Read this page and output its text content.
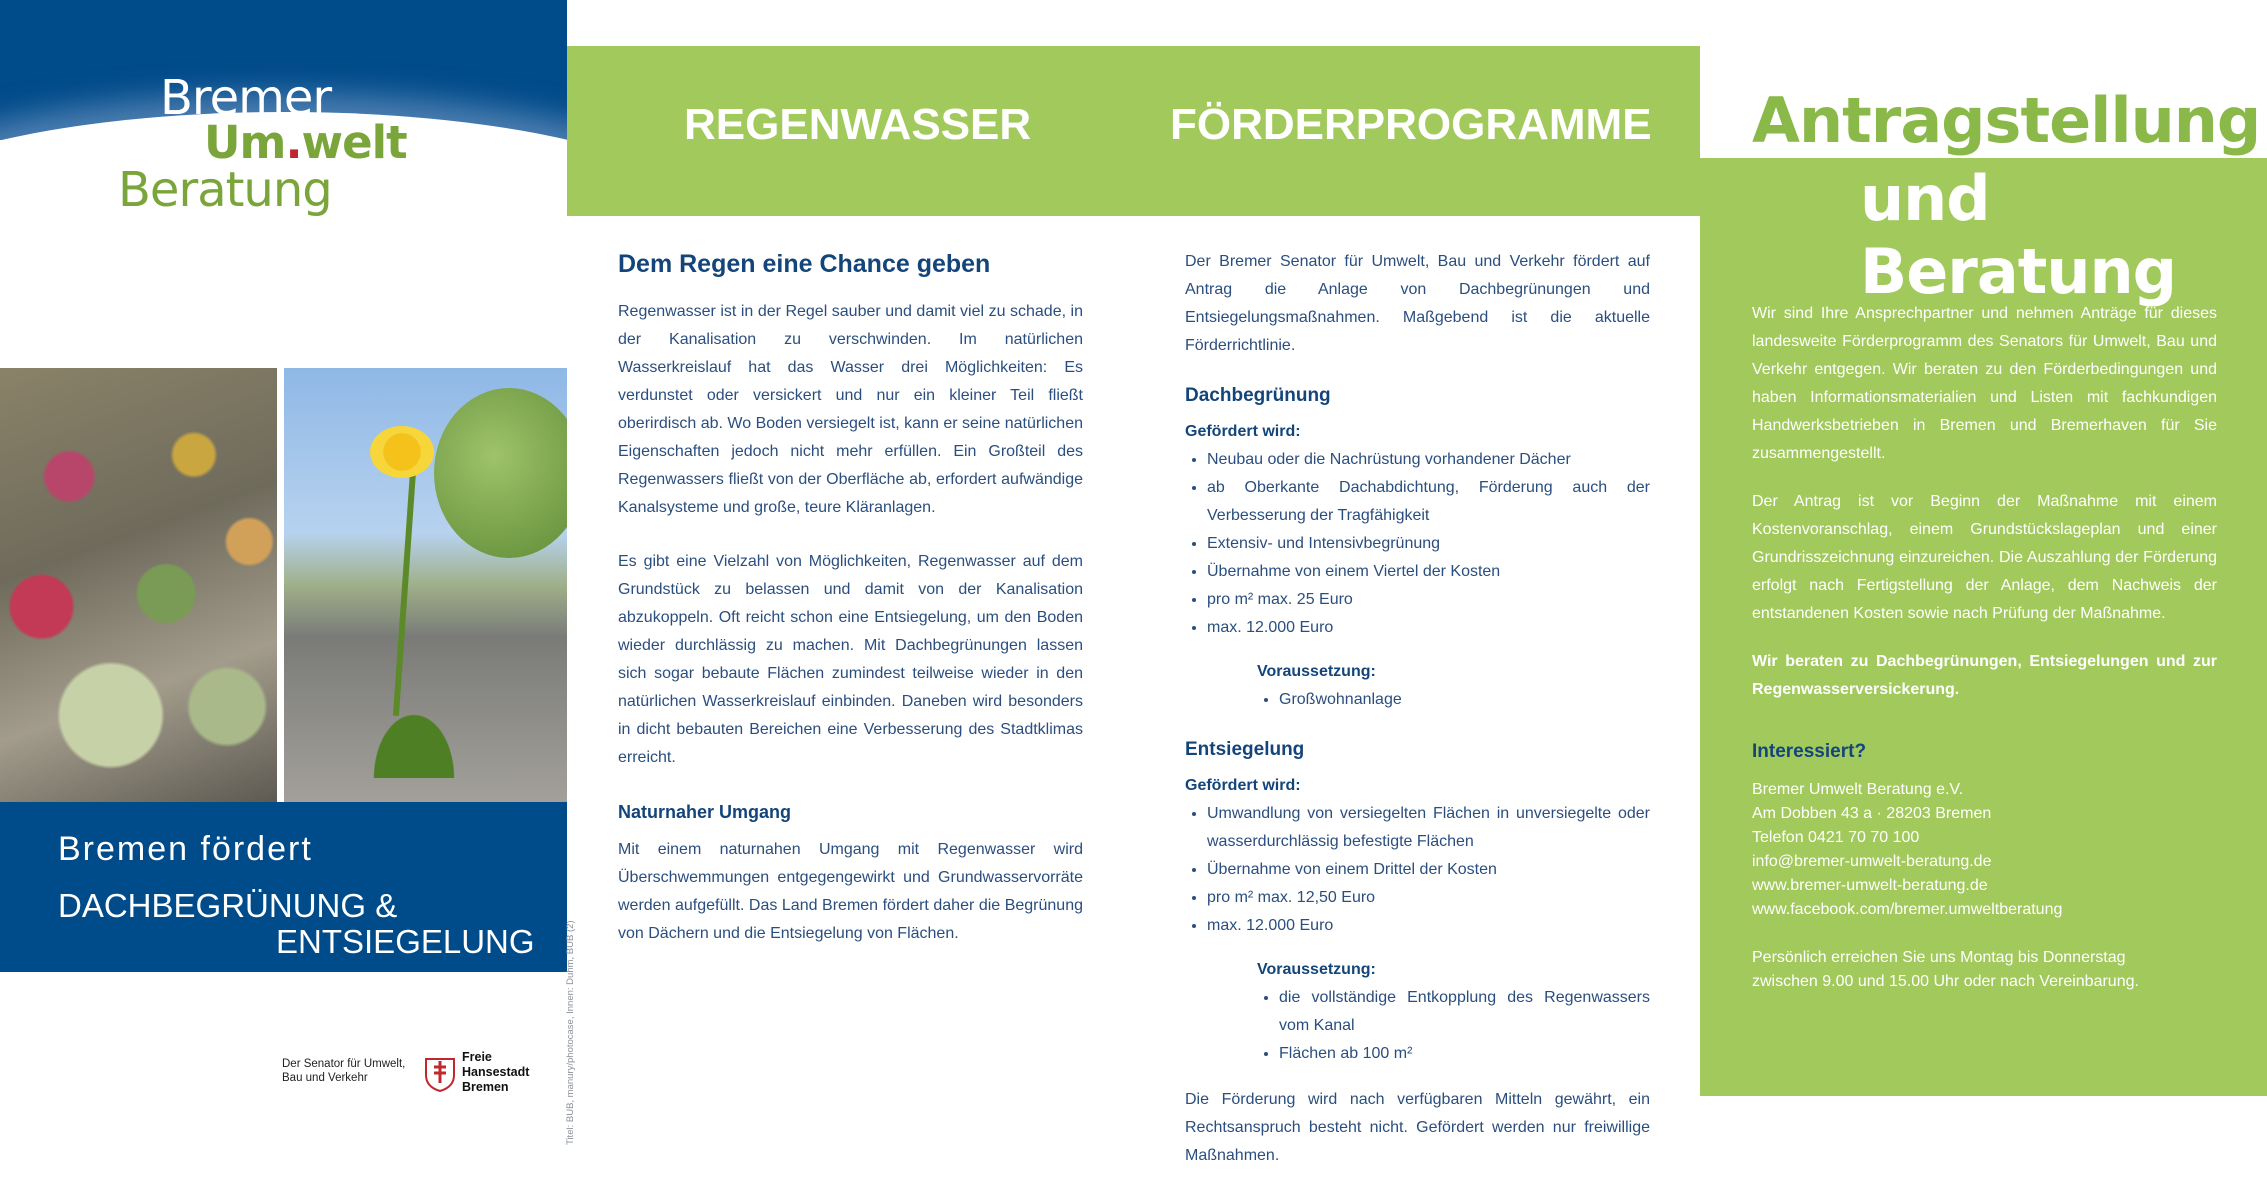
Bremer
Um.welt
Beratung
Bremen fördert
DACHBEGRÜNUNG &
ENTSIEGELUNG
Der Senator für Umwelt,
Bau und Verkehr
Freie
Hansestadt
Bremen	Titel: BUB, manury/photocase, Innen: Duhm, BUB (2)
REGENWASSER	FÖRDERPROGRAMME
Dem Regen eine Chance geben

Regenwasser ist in der Regel sauber und damit viel zu schade, in der Kanalisation zu verschwinden. Im natürlichen Wasserkreislauf hat das Wasser drei Möglichkeiten: Es verdunstet oder versickert und nur ein kleiner Teil fließt oberirdisch ab. Wo Boden versiegelt ist, kann er seine natürlichen Eigenschaften jedoch nicht mehr erfüllen. Ein Großteil des Regenwassers fließt von der Oberfläche ab, erfordert aufwändige Kanalsysteme und große, teure Kläranlagen.

Es gibt eine Vielzahl von Möglichkeiten, Regenwasser auf dem Grundstück zu belassen und damit von der Kanalisation abzukoppeln. Oft reicht schon eine Entsiegelung, um den Boden wieder durchlässig zu machen. Mit Dachbegrünungen lassen sich sogar bebaute Flächen zumindest teilweise wieder in den natürlichen Wasserkreislauf einbinden. Daneben wird besonders in dicht bebauten Bereichen eine Verbesserung des Stadtklimas erreicht.

Naturnaher Umgang

Mit einem naturnahen Umgang mit Regenwasser wird Überschwemmungen entgegengewirkt und Grundwasservorräte werden aufgefüllt. Das Land Bremen fördert daher die Begrünung von Dächern und die Entsiegelung von Flächen.

Der Bremer Senator für Umwelt, Bau und Verkehr fördert auf Antrag die Anlage von Dachbegrünungen und Entsiegelungsmaßnahmen. Maßgebend ist die aktuelle Förderrichtlinie.

Dachbegrünung
Gefördert wird:
• Neubau oder die Nachrüstung vorhandener Dächer
• ab Oberkante Dachabdichtung, Förderung auch der Verbesserung der Tragfähigkeit
• Extensiv- und Intensivbegrünung
• Übernahme von einem Viertel der Kosten
• pro m² max. 25 Euro
• max. 12.000 Euro
Voraussetzung:
• Großwohnanlage
Entsiegelung
Gefördert wird:
• Umwandlung von versiegelten Flächen in unversiegelte oder wasserdurchlässig befestigte Flächen
• Übernahme von einem Drittel der Kosten
• pro m² max. 12,50 Euro
• max. 12.000 Euro
Voraussetzung:
• die vollständige Entkopplung des Regenwassers vom Kanal
• Flächen ab 100 m²

Die Förderung wird nach verfügbaren Mitteln gewährt, ein Rechtsanspruch besteht nicht. Gefördert werden nur freiwillige Maßnahmen.

Antragstellung
und Beratung

Wir sind Ihre Ansprechpartner und nehmen Anträge für dieses landesweite Förderprogramm des Senators für Umwelt, Bau und Verkehr entgegen. Wir beraten zu den Förderbedingungen und haben Informationsmaterialien und Listen mit fachkundigen Handwerksbetrieben in Bremen und Bremerhaven für Sie zusammengestellt.

Der Antrag ist vor Beginn der Maßnahme mit einem Kostenvoranschlag, einem Grundstückslageplan und einer Grundrisszeichnung einzureichen. Die Auszahlung der Förderung erfolgt nach Fertigstellung der Anlage, dem Nachweis der entstandenen Kosten sowie nach Prüfung der Maßnahme.

Wir beraten zu Dachbegrünungen, Entsiegelungen und zur Regenwasserversickerung.

Interessiert?
Bremer Umwelt Beratung e.V.
Am Dobben 43 a · 28203 Bremen
Telefon 0421 70 70 100
info@bremer-umwelt-beratung.de
www.bremer-umwelt-beratung.de
www.facebook.com/bremer.umweltberatung
Persönlich erreichen Sie uns Montag bis Donnerstag
zwischen 9.00 und 15.00 Uhr oder nach Vereinbarung.
